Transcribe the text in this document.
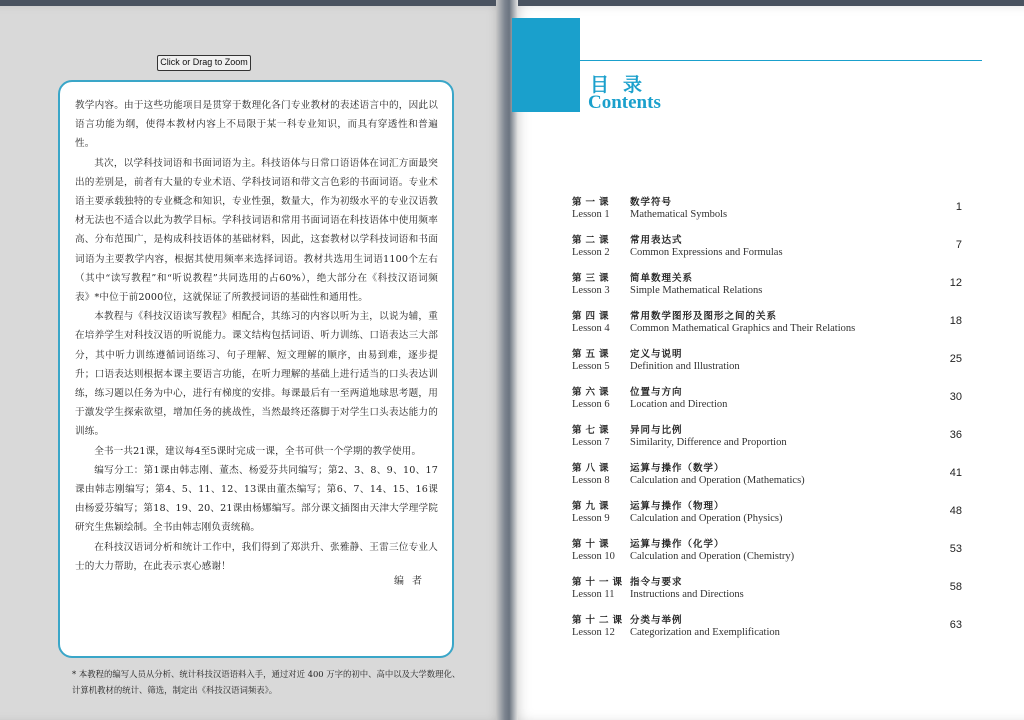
Click or Drag to Zoom

教学内容。由于这些功能项目是贯穿于数理化各门专业教材的表述语言中的，因此以语言功能为纲，使得本教材内容上不局限于某一科专业知识，而具有穿透性和普遍性。

其次，以学科技词语和书面词语为主。科技语体与日常口语语体在词汇方面最突出的差别是，前者有大量的专业术语、学科技词语和带文言色彩的书面词语。专业术语主要承载独特的专业概念和知识，专业性强，数量大，作为初级水平的专业汉语教材无法也不适合以此为教学目标。学科技词语和常用书面词语在科技语体中使用频率高、分布范围广，是构成科技语体的基础材料，因此，这套教材以学科技词语和书面词语为主要教学内容，根据其使用频率来选择词语。教材共选用生词语1100个左右（其中“读写教程”和“听说教程”共同选用的占60%），绝大部分在《科技汉语词频表》*中位于前2000位，这就保证了所教授词语的基础性和通用性。

本教程与《科技汉语读写教程》相配合，其练习的内容以听为主，以说为辅，重在培养学生对科技汉语的听说能力。课文结构包括词语、听力训练、口语表达三大部分，其中听力训练遵循词语练习、句子理解、短文理解的顺序，由易到难，逐步提升；口语表达则根据本课主要语言功能，在听力理解的基础上进行适当的口头表达训练，练习题以任务为中心，进行有梯度的安排。每课最后有一至两道地球思考题，用于激发学生探索欲望，增加任务的挑战性，当然最终还落脚于对学生口头表达能力的训练。

全书一共21课，建议每4至5课时完成一课，全书可供一个学期的教学使用。

编写分工：第1课由韩志刚、董杰、杨爱芬共同编写；第2、3、8、9、10、17课由韩志刚编写；第4、5、11、12、13课由董杰编写；第6、7、14、15、16课由杨爱芬编写；第18、19、20、21课由杨娜编写。部分课文插图由天津大学理学院研究生焦颖绘制。全书由韩志刚负责统稿。

在科技汉语词分析和统计工作中，我们得到了郑洪升、张雅静、王雷三位专业人士的大力帮助，在此表示衷心感谢！

编者
* 本教程的编写人员从分析、统计科技汉语语料入手，通过对近 400 万字的初中、高中以及大学数理化、计算机教材的统计、筛选，制定出《科技汉语词频表》。
目录
Contents
第一课 数学符号
Lesson 1 Mathematical Symbols
1
第二课 常用表达式
Lesson 2 Common Expressions and Formulas
7
第三课 简单数理关系
Lesson 3 Simple Mathematical Relations
12
第四课 常用数学图形及图形之间的关系
Lesson 4 Common Mathematical Graphics and Their Relations
18
第五课 定义与说明
Lesson 5 Definition and Illustration
25
第六课 位置与方向
Lesson 6 Location and Direction
30
第七课 异同与比例
Lesson 7 Similarity, Difference and Proportion
36
第八课 运算与操作（数学）
Lesson 8 Calculation and Operation (Mathematics)
41
第九课 运算与操作（物理）
Lesson 9 Calculation and Operation (Physics)
48
第十课 运算与操作（化学）
Lesson 10 Calculation and Operation (Chemistry)
53
第十一课 指令与要求
Lesson 11 Instructions and Directions
58
第十二课 分类与举例
Lesson 12 Categorization and Exemplification
63
